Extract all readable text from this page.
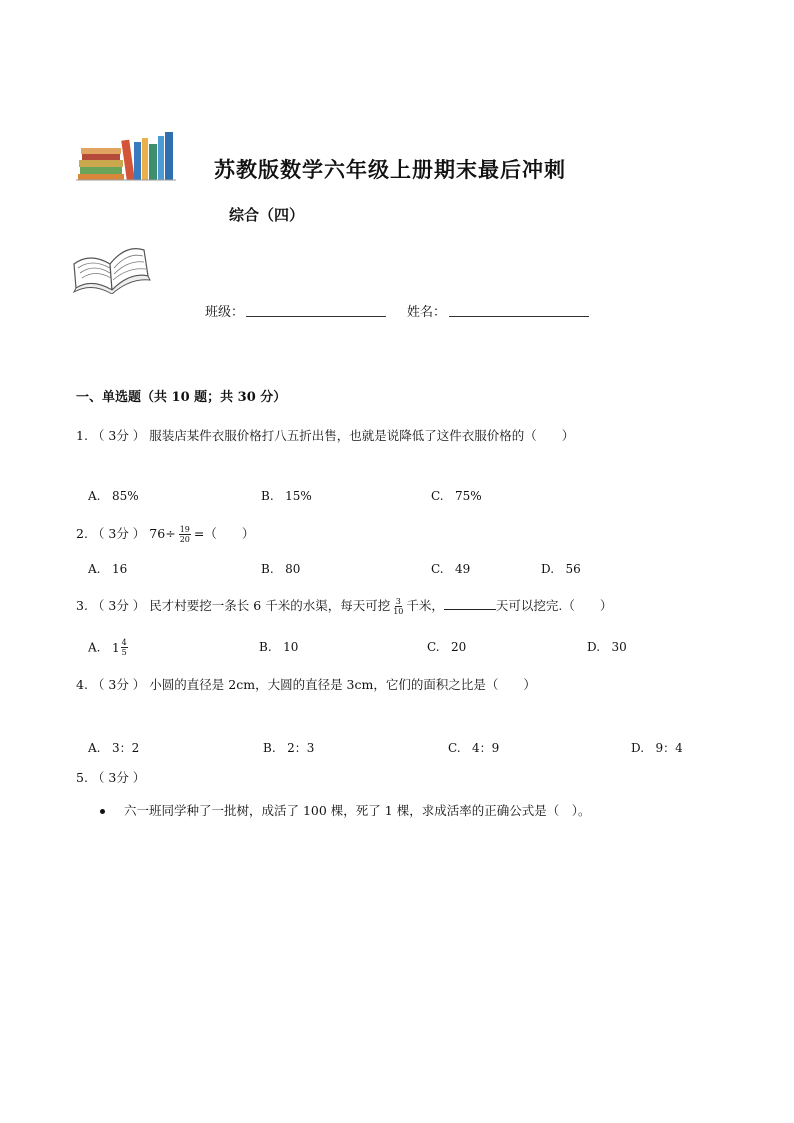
苏教版数学六年级上册期末最后冲刺
综合（四）
班级：	姓名：
一、单选题（共 10 题；共 30 分）
1. （ 3分 ） 服装店某件衣服价格打八五折出售，也就是说降低了这件衣服价格的（　　）
A. 85%	B. 15%	C. 75%
2. （ 3分 ） $76\div \frac{19}{20}$ =（　　）
A. 16	B. 80	C. 49	D. 56
3. （ 3分 ） 民才村要挖一条长 6 千米的水渠，每天可挖 $\frac{3}{10}$ 千米，	天可以挖完.（　　）
A. $1 \frac{4}{5}$	B. 10	C. 20	D. 30
4. （ 3分 ） 小圆的直径是 2cm，大圆的直径是 3cm，它们的面积之比是（　　）
A. 3：2	B. 2：3	C. 4：9	D. 9：4
5. （ 3分 ）
六一班同学种了一批树，成活了 100 棵，死了 1 棵，求成活率的正确公式是（　）。
